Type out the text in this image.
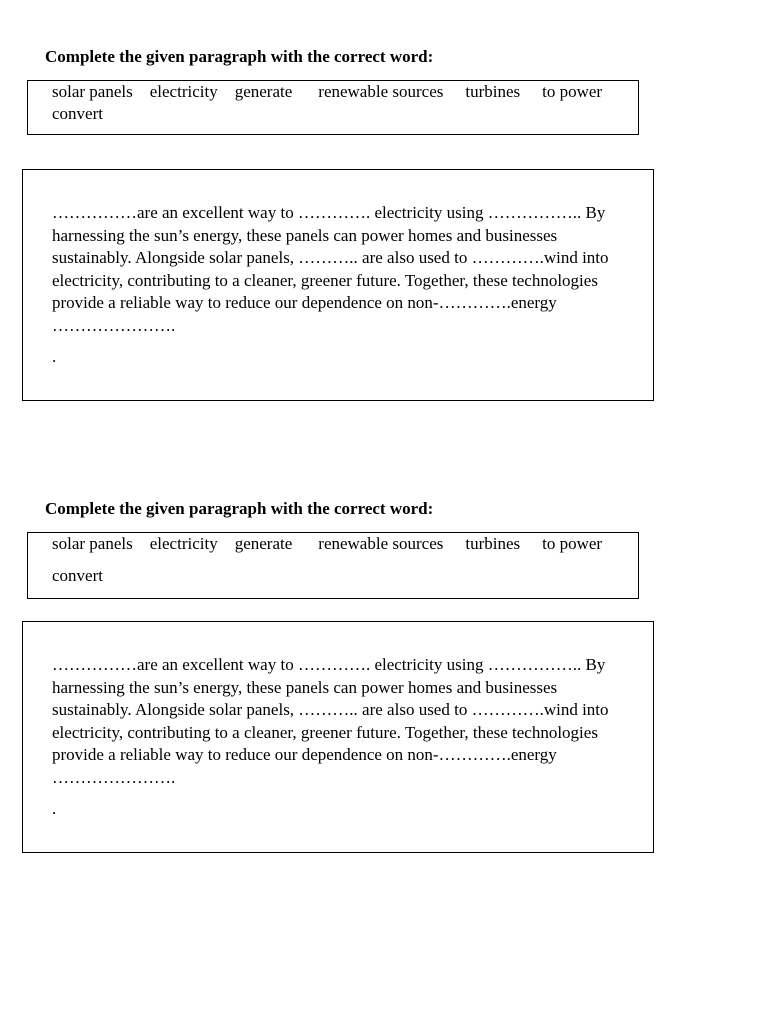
Complete the given paragraph with the correct word:
solar panels electricity generate renewable sources turbines to power
convert

……………are an excellent way to …………. electricity using …………….. By harnessing the sun’s energy, these panels can power homes and businesses sustainably. Alongside solar panels, ……….. are also used to ………….wind into electricity, contributing to a cleaner, greener future. Together, these technologies provide a reliable way to reduce our dependence on non-………….energy ………………….

.

Complete the given paragraph with the correct word:
solar panels electricity generate renewable sources turbines to power
convert

……………are an excellent way to …………. electricity using …………….. By harnessing the sun’s energy, these panels can power homes and businesses sustainably. Alongside solar panels, ……….. are also used to ………….wind into electricity, contributing to a cleaner, greener future. Together, these technologies provide a reliable way to reduce our dependence on non-………….energy ………………….

.
